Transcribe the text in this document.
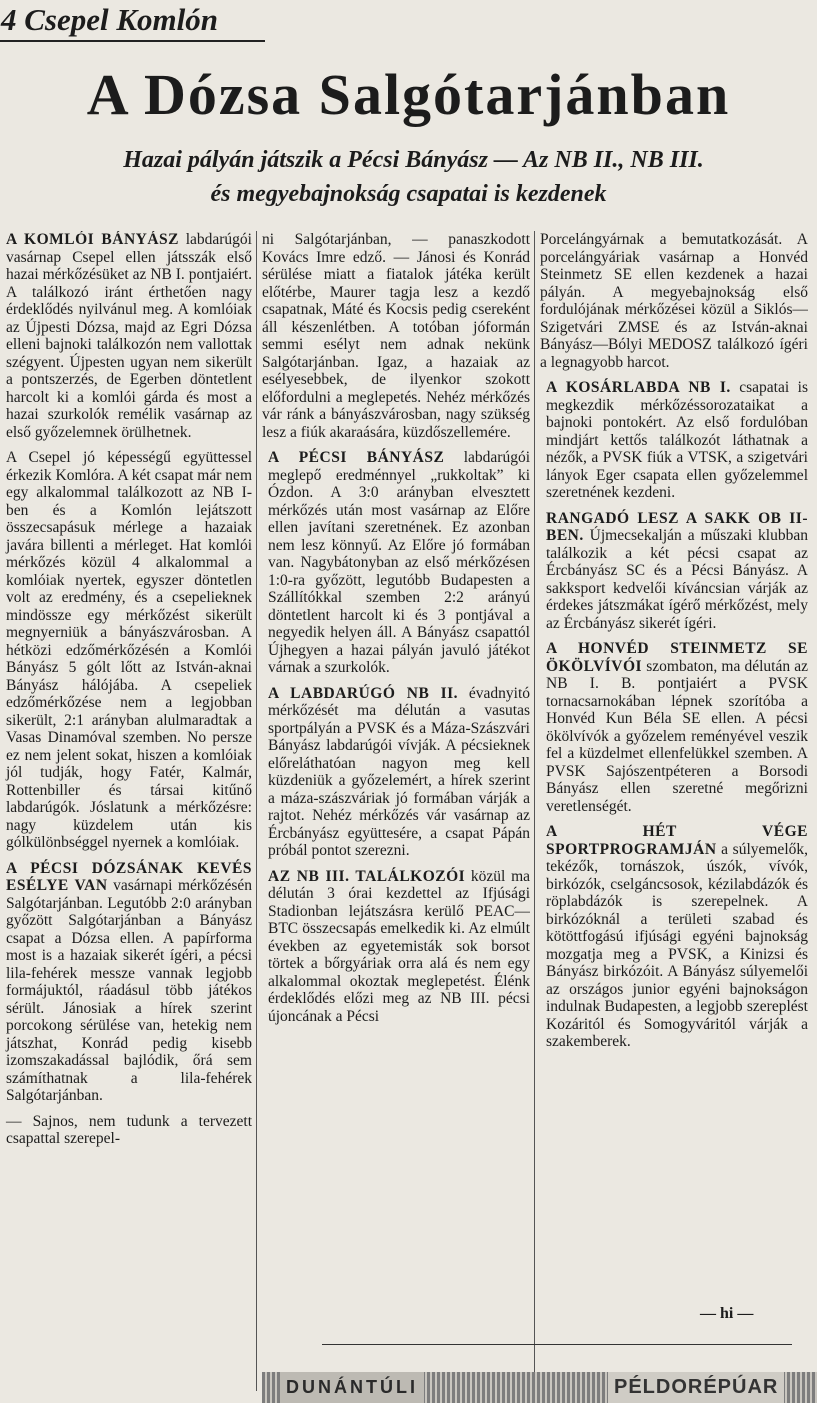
4 Csepel Komlón
A Dózsa Salgótarjánban
Hazai pályán játszik a Pécsi Bányász — Az NB II., NB III.
és megyebajnokság csapatai is kezdenek

A KOMLÓI BÁNYÁSZ labdarúgói vasárnap Csepel ellen játsszák első hazai mérkőzésüket az NB I. pontjaiért. A találkozó iránt érthetően nagy érdeklődés nyilvánul meg. A komlóiak az Újpesti Dózsa, majd az Egri Dózsa elleni bajnoki találkozón nem vallottak szégyent. Újpesten ugyan nem sikerült a pontszerzés, de Egerben döntetlent harcolt ki a komlói gárda és most a hazai szurkolók remélik vasárnap az első győzelemnek örülhetnek.

A Csepel jó képességű együttessel érkezik Komlóra. A két csapat már nem egy alkalommal találkozott az NB I-ben és a Komlón lejátszott összecsapásuk mérlege a hazaiak javára billenti a mérleget. Hat komlói mérkőzés közül 4 alkalommal a komlóiak nyertek, egyszer döntetlen volt az eredmény, és a csepelieknek mindössze egy mérkőzést sikerült megnyerniük a bányászvárosban. A hétközi edzőmérkőzésén a Komlói Bányász 5 gólt lőtt az István-aknai Bányász hálójába. A csepeliek edzőmérkőzése nem a legjobban sikerült, 2:1 arányban alulmaradtak a Vasas Dinamóval szemben. No persze ez nem jelent sokat, hiszen a komlóiak jól tudják, hogy Fatér, Kalmár, Rottenbiller és társai kitűnő labdarúgók. Jóslatunk a mérkőzésre: nagy küzdelem után kis gólkülönbséggel nyernek a komlóiak.

A PÉCSI DÓZSÁNAK KEVÉS ESÉLYE VAN vasárnapi mérkőzésén Salgótarjánban. Legutóbb 2:0 arányban győzött Salgótarjánban a Bányász csapat a Dózsa ellen. A papírforma most is a hazaiak sikerét ígéri, a pécsi lila-fehérek messze vannak legjobb formájuktól, ráadásul több játékos sérült. Jánosiak a hírek szerint porcokong sérülése van, hetekig nem játszhat, Konrád pedig kisebb izomszakadással bajlódik, őrá sem számíthatnak a lila-fehérek Salgótarjánban.

— Sajnos, nem tudunk a tervezett csapattal szerepel-

ni Salgótarjánban, — panaszkodott Kovács Imre edző. — Jánosi és Konrád sérülése miatt a fiatalok játéka került előtérbe, Maurer tagja lesz a kezdő csapatnak, Máté és Kocsis pedig csereként áll készenlétben. A totóban jóformán semmi esélyt nem adnak nekünk Salgótarjánban. Igaz, a hazaiak az esélyesebbek, de ilyenkor szokott előfordulni a meglepetés. Nehéz mérkőzés vár ránk a bányászvárosban, nagy szükség lesz a fiúk akaraására, küzdőszellemére.

A PÉCSI BÁNYÁSZ labdarúgói meglepő eredménnyel „rukkoltak” ki Ózdon. A 3:0 arányban elvesztett mérkőzés után most vasárnap az Előre ellen javítani szeretnének. Ez azonban nem lesz könnyű. Az Előre jó formában van. Nagybátonyban az első mérkőzésen 1:0-ra győzött, legutóbb Budapesten a Szállítókkal szemben 2:2 arányú döntetlent harcolt ki és 3 pontjával a negyedik helyen áll. A Bányász csapattól Újhegyen a hazai pályán javuló játékot várnak a szurkolók.

A LABDARÚGÓ NB II. évadnyitó mérkőzését ma délután a vasutas sportpályán a PVSK és a Máza-Szászvári Bányász labdarúgói vívják. A pécsieknek előreláthatóan nagyon meg kell küzdeniük a győzelemért, a hírek szerint a máza-szászváriak jó formában várják a rajtot. Nehéz mérkőzés vár vasárnap az Ércbányász együttesére, a csapat Pápán próbál pontot szerezni.

AZ NB III. TALÁLKOZÓI közül ma délután 3 órai kezdettel az Ifjúsági Stadionban lejátszásra kerülő PEAC—BTC összecsapás emelkedik ki. Az elmúlt években az egyetemisták sok borsot törtek a bőrgyáriak orra alá és nem egy alkalommal okoztak meglepetést. Élénk érdeklődés előzi meg az NB III. pécsi újoncának a Pécsi

Porcelángyárnak a bemutatkozását. A porcelángyáriak vasárnap a Honvéd Steinmetz SE ellen kezdenek a hazai pályán. A megyebajnokság első fordulójának mérkőzései közül a Siklós—Szigetvári ZMSE és az István-aknai Bányász—Bólyi MEDOSZ találkozó ígéri a legnagyobb harcot.

A KOSÁRLABDA NB I. csapatai is megkezdik mérkőzéssorozataikat a bajnoki pontokért. Az első fordulóban mindjárt kettős találkozót láthatnak a nézők, a PVSK fiúk a VTSK, a szigetvári lányok Eger csapata ellen győzelemmel szeretnének kezdeni.

RANGADÓ LESZ A SAKK OB II-BEN. Újmecsekalján a műszaki klubban találkozik a két pécsi csapat az Ércbányász SC és a Pécsi Bányász. A sakksport kedvelői kíváncsian várják az érdekes játszmákat ígérő mérkőzést, mely az Ércbányász sikerét ígéri.

A HONVÉD STEINMETZ SE ÖKÖLVÍVÓI szombaton, ma délután az NB I. B. pontjaiért a PVSK tornacsarnokában lépnek szorítóba a Honvéd Kun Béla SE ellen. A pécsi ökölvívók a győzelem reményével veszik fel a küzdelmet ellenfelükkel szemben. A PVSK Sajószentpéteren a Borsodi Bányász ellen szeretné megőrizni veretlenségét.

A HÉT VÉGE SPORTPROGRAMJÁN a súlyemelők, tekézők, tornászok, úszók, vívók, birkózók, cselgáncsosok, kézilabdázók és röplabdázók is szerepelnek. A birkózóknál a területi szabad és kötöttfogású ifjúsági egyéni bajnokság mozgatja meg a PVSK, a Kinizsi és Bányász birkózóit. A Bányász súlyemelői az országos junior egyéni bajnokságon indulnak Budapesten, a legjobb szereplést Kozáritól és Somogyváritól várják a szakemberek.

— hi —
DUNÁNTÚLI	PÉLDORÉPÚAR
